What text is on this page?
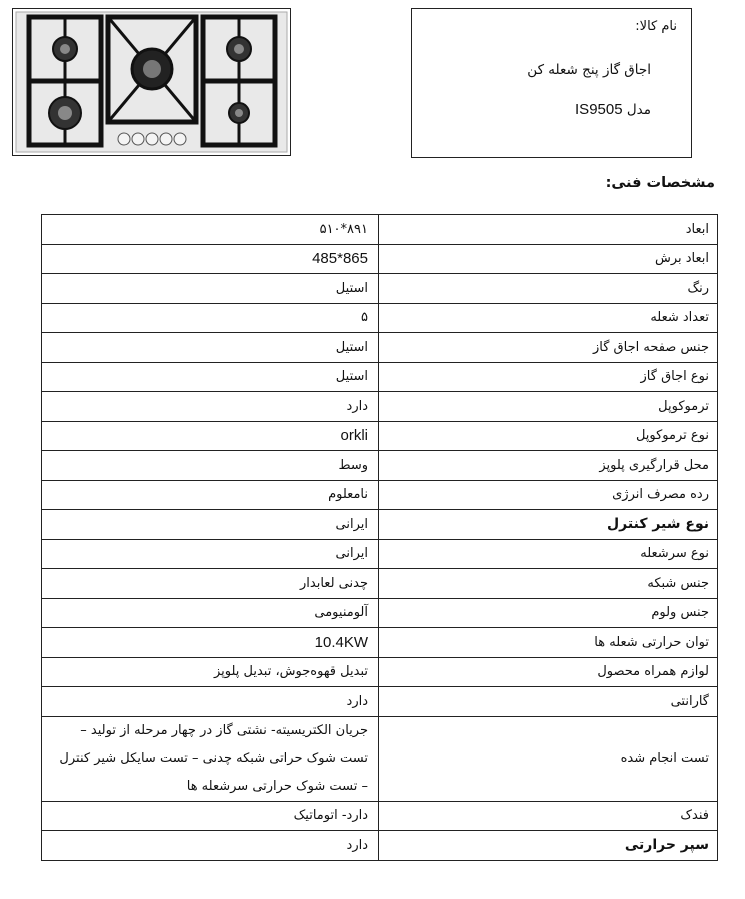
نام کالا:
اجاق گاز پنج شعله کن
مدل IS9505
مشخصات فنی:
ابعاد	۸۹۱*۵۱۰
ابعاد برش	865*485
رنگ	استیل
تعداد شعله	۵
جنس صفحه اجاق گاز	استیل
نوع اجاق گاز	استیل
ترموکوپل	دارد
نوع ترموکوپل	orkli
محل قرارگیری پلوپز	وسط
رده مصرف انرژی	نامعلوم
نوع شیر کنترل	ایرانی
نوع سرشعله	ایرانی
جنس شبکه	چدنی لعابدار
جنس ولوم	آلومنیومی
توان حرارتی شعله ها	10.4KW
لوازم همراه محصول	تبدیل قهوه‌جوش، تبدیل پلوپز
گارانتی	دارد
تست انجام شده	جریان الکتریسیته- نشتی گاز در چهار مرحله از تولید – تست شوک حراتی شبکه چدنی – تست سایکل شیر کنترل – تست شوک حرارتی سرشعله ها
فندک	دارد- اتوماتیک
سپر حرارتی	دارد
